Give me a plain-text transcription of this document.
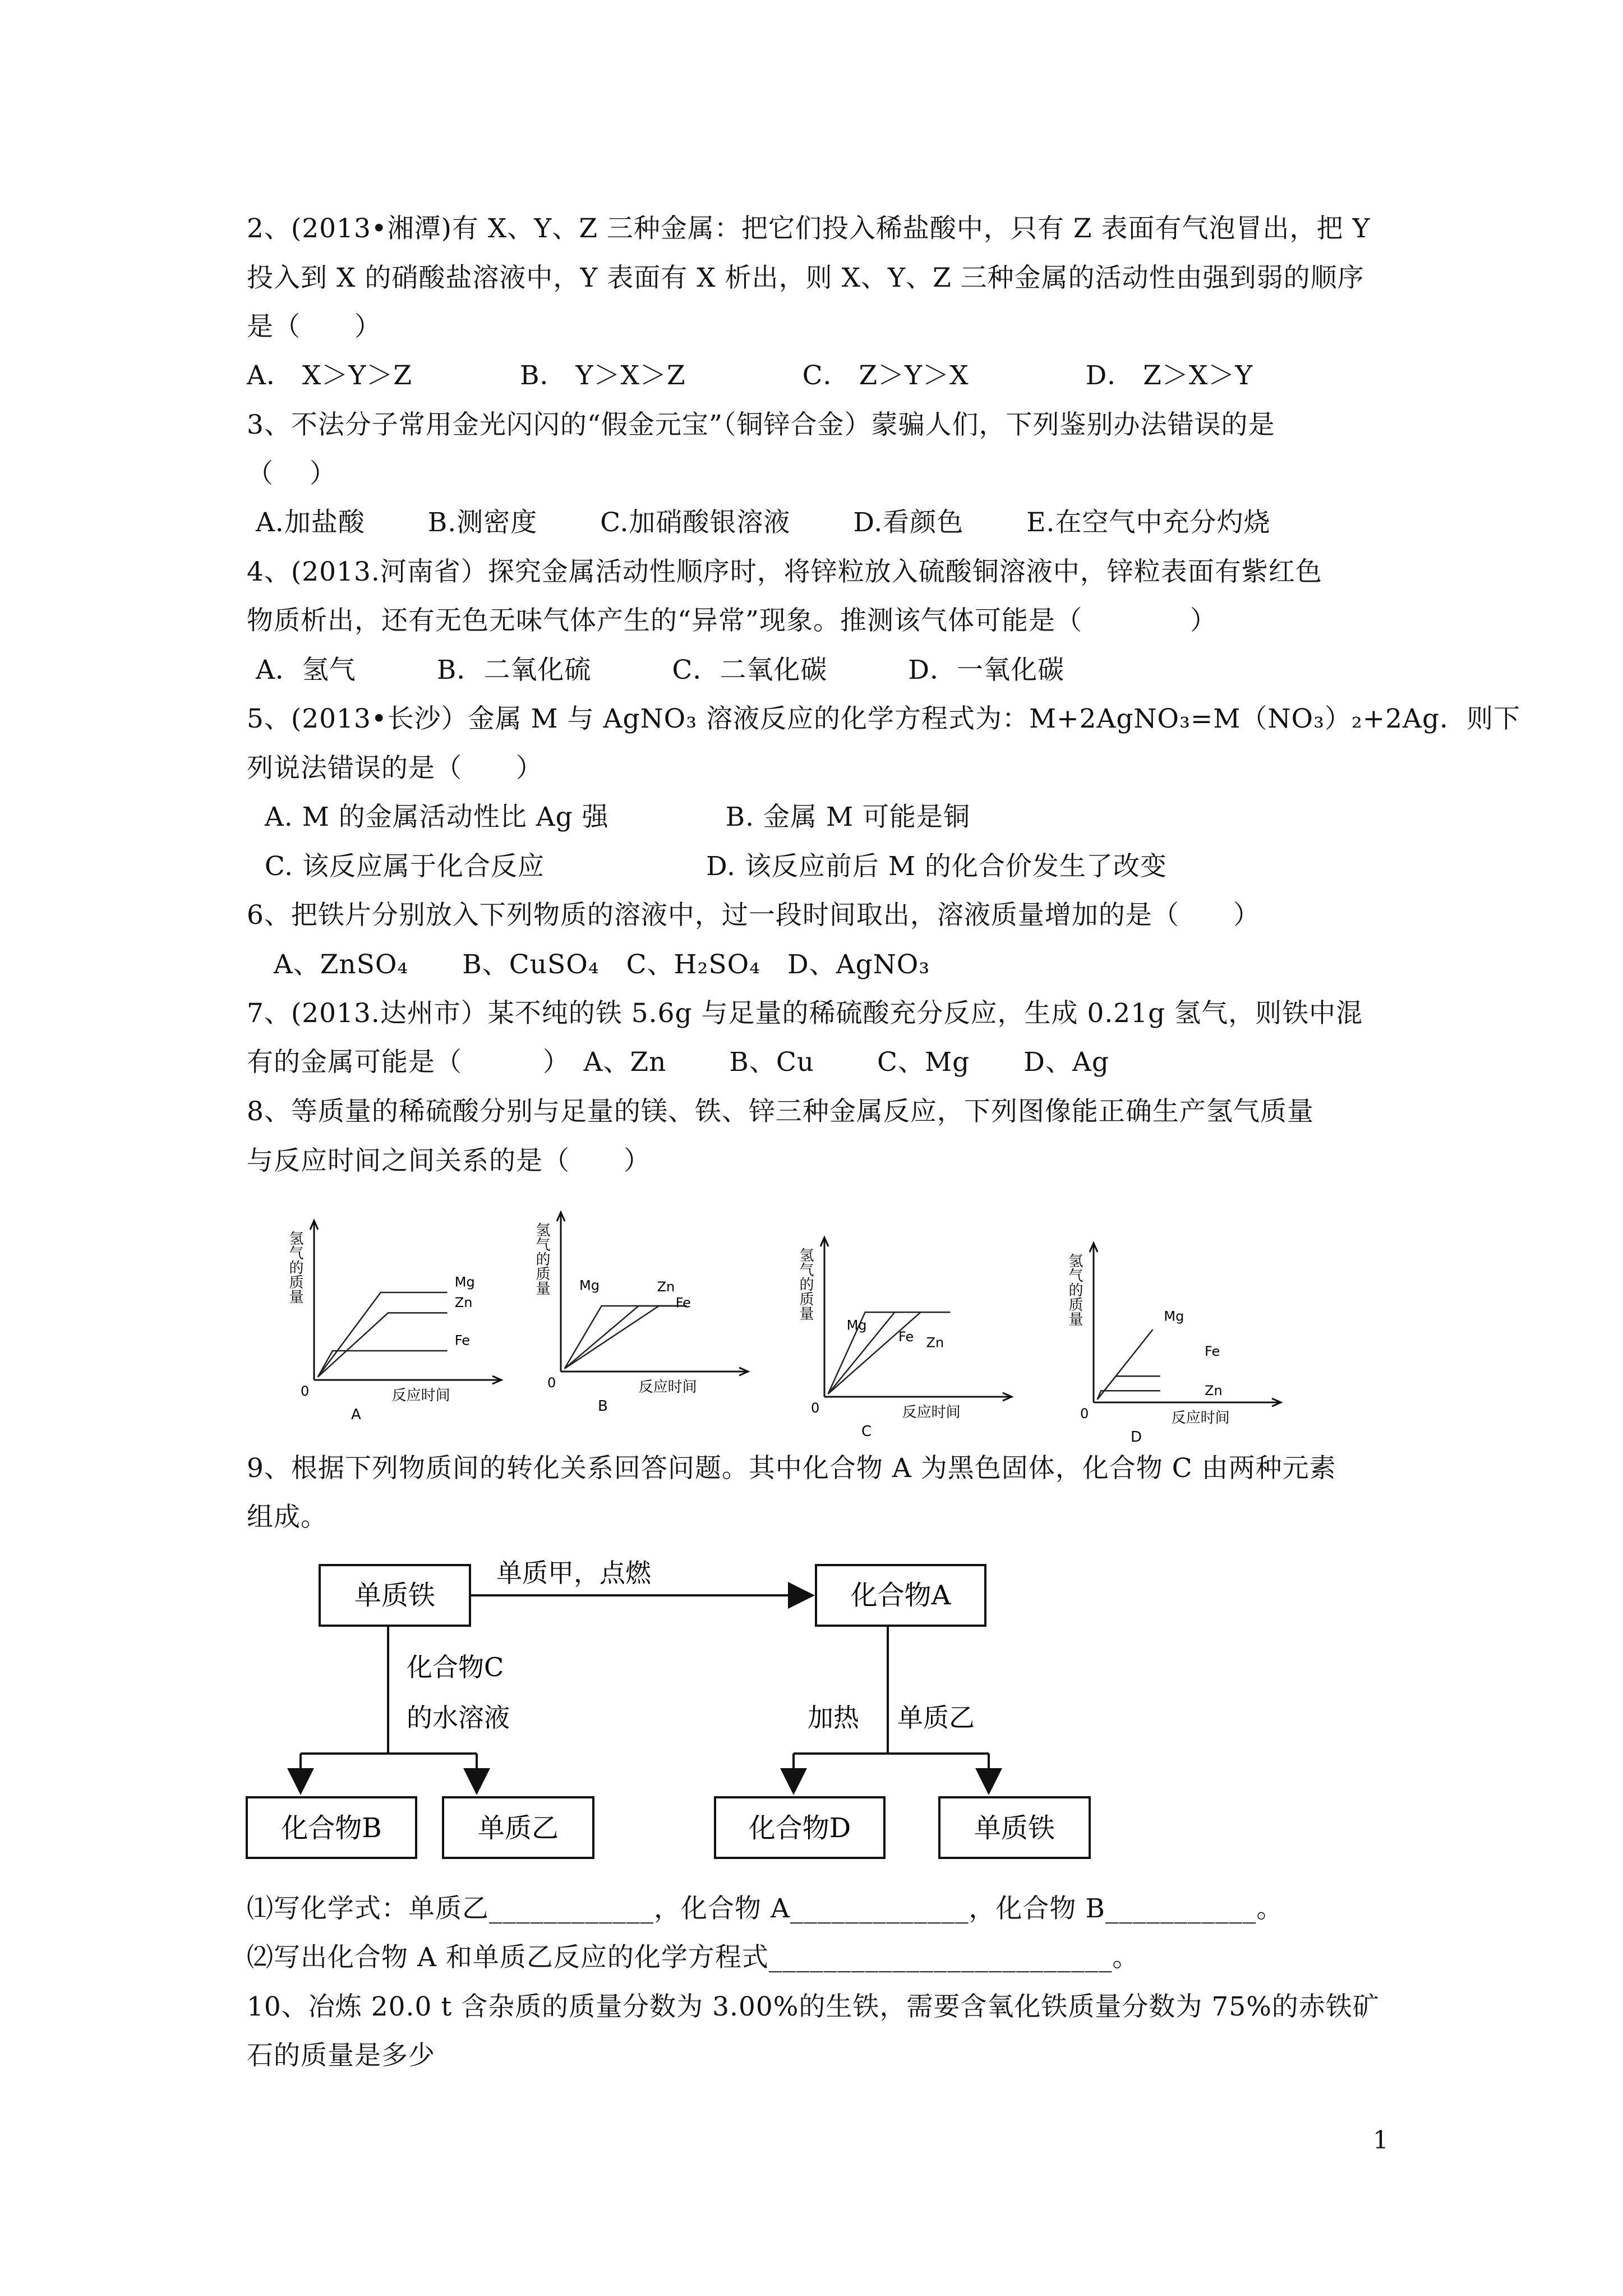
2、(2013•湘潭)有 X、Y、Z 三种金属：把它们投入稀盐酸中，只有 Z 表面有气泡冒出，把 Y
投入到 X 的硝酸盐溶液中，Y 表面有 X 析出，则 X、Y、Z 三种金属的活动性由强到弱的顺序
是（　　）
A． X＞Y＞Z　　　　B． Y＞X＞Z　　　　 C． Z＞Y＞X　　　　 D． Z＞X＞Y
3、不法分子常用金光闪闪的“假金元宝”（铜锌合金）蒙骗人们，下列鉴别办法错误的是
（　 ）
A.加盐酸　　 B.测密度　　 C.加硝酸银溶液　　 D.看颜色　　 E.在空气中充分灼烧
4、(2013.河南省）探究金属活动性顺序时，将锌粒放入硫酸铜溶液中，锌粒表面有紫红色
物质析出，还有无色无味气体产生的“异常”现象。推测该气体可能是（　　　　）
A．氢气　　　B．二氧化硫　　　C．二氧化碳　　　D．一氧化碳
5、(2013•长沙）金属 M 与 AgNO₃ 溶液反应的化学方程式为：M+2AgNO₃=M（NO₃）₂+2Ag．则下
列说法错误的是（　　）
A. M 的金属活动性比 Ag 强　　　　 B. 金属 M 可能是铜
C. 该反应属于化合反应　　　　　　D. 该反应前后 M 的化合价发生了改变
6、把铁片分别放入下列物质的溶液中，过一段时间取出，溶液质量增加的是（　　）
A、ZnSO₄　　B、CuSO₄　C、H₂SO₄　D、AgNO₃
7、(2013.达州市）某不纯的铁 5.6g 与足量的稀硫酸充分反应，生成 0.21g 氢气，则铁中混
有的金属可能是（　　　）　A、Zn　　 B、Cu　　 C、Mg　　D、Ag
8、等质量的稀硫酸分别与足量的镁、铁、锌三种金属反应，下列图像能正确生产氢气质量
与反应时间之间关系的是（　　）
Mg
Zn
Fe
氢气的质量
0	反应时间
A
Mg	Zn
Fe
氢气的质量
0	反应时间
B
Mg
Fe Zn
氢气的质量
0	反应时间
C
Mg
Fe
Zn
氢气的质量
0	反应时间
D
9、根据下列物质间的转化关系回答问题。其中化合物 A 为黑色固体，化合物 C 由两种元素
组成。
单质铁	化合物A
单质甲，点燃
化合物C
的水溶液	加热 单质乙
化合物B	单质乙	化合物D	单质铁
⑴写化学式：单质乙____________，化合物 A_____________，化合物 B___________。
⑵写出化合物 A 和单质乙反应的化学方程式_________________________。
10、冶炼 20.0 t 含杂质的质量分数为 3.00%的生铁，需要含氧化铁质量分数为 75%的赤铁矿
石的质量是多少
1
